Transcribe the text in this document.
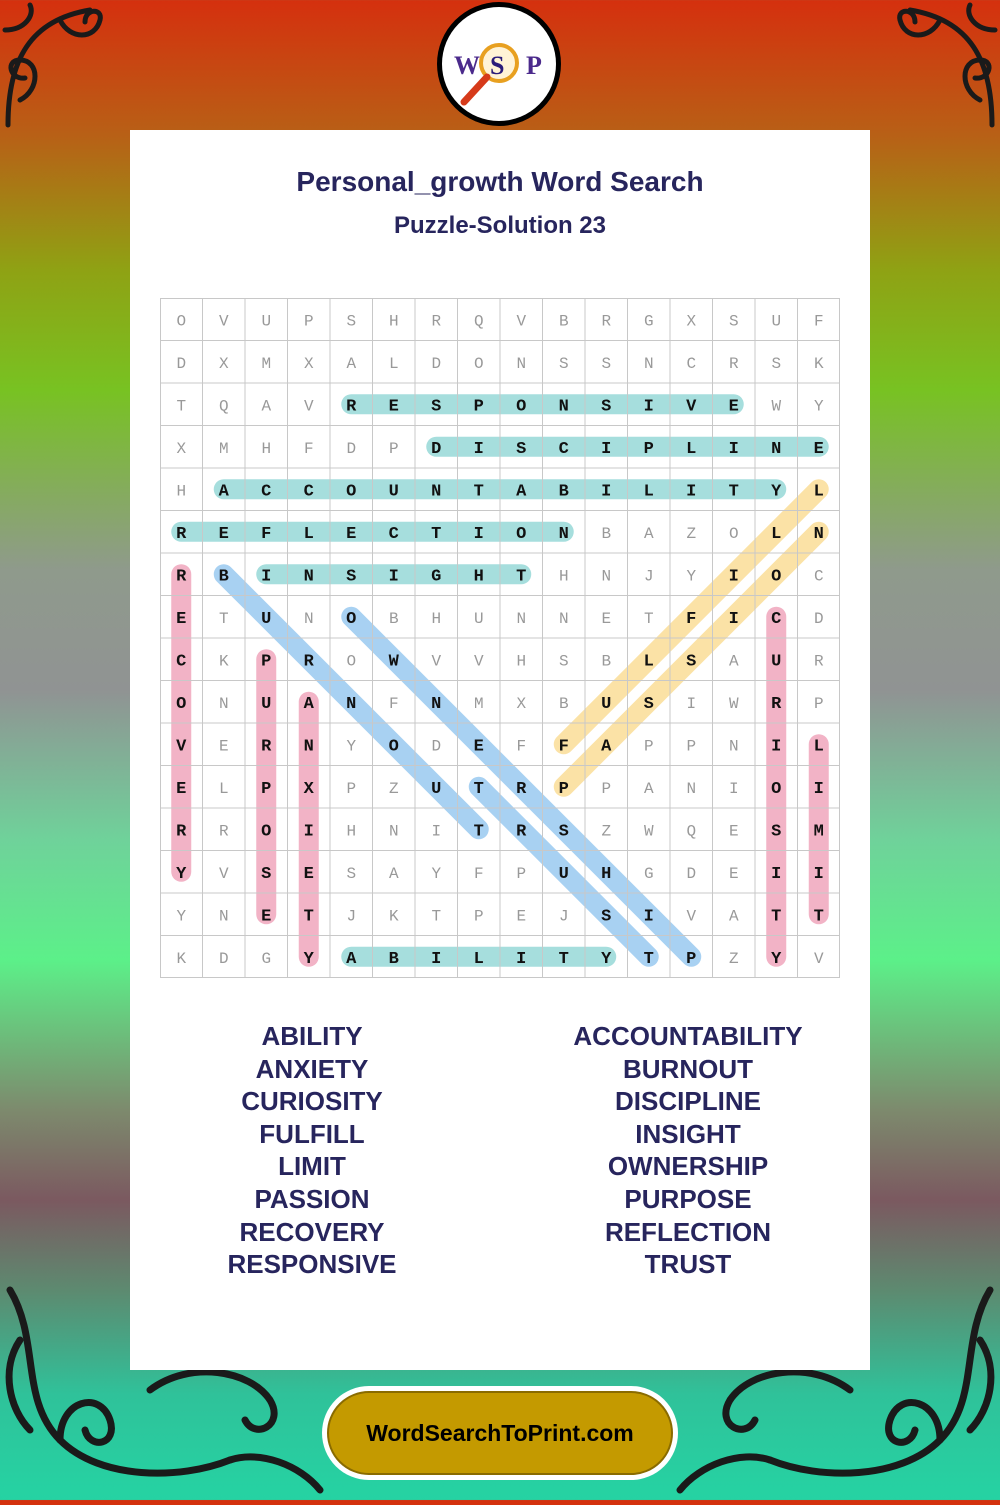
W S P
Personal_growth Word Search
Puzzle-Solution 23
O V U P S H R Q V B R G X S U F
D X M X A L D O N S S N C R S K
T Q A V R E S P O N S I V E W Y
X M H F D P D I S C I P L I N E
H A C C O U N T A B I L I T Y L
R E F L E C T I O N B A Z O L N
R B I N S I G H T H N J Y I O C
E T U N O B H U N N E T F I C D
C K P R O W V V H S B L S A U R
O N U A N F N M X B U S I W R P
V E R N Y O D E F F A P P N I L
E L P X P Z U T R P P A N I O I
R R O I H N I T R S Z W Q E S M
Y V S E S A Y F P U H G D E I I
Y N E T J K T P E J S I V A T T
K D G Y A B I L I T Y T P Z Y V
ABILITY
ANXIETY
CURIOSITY
FULFILL
LIMIT
PASSION
RECOVERY
RESPONSIVE
ACCOUNTABILITY
BURNOUT
DISCIPLINE
INSIGHT
OWNERSHIP
PURPOSE
REFLECTION
TRUST
WordSearchToPrint.com
